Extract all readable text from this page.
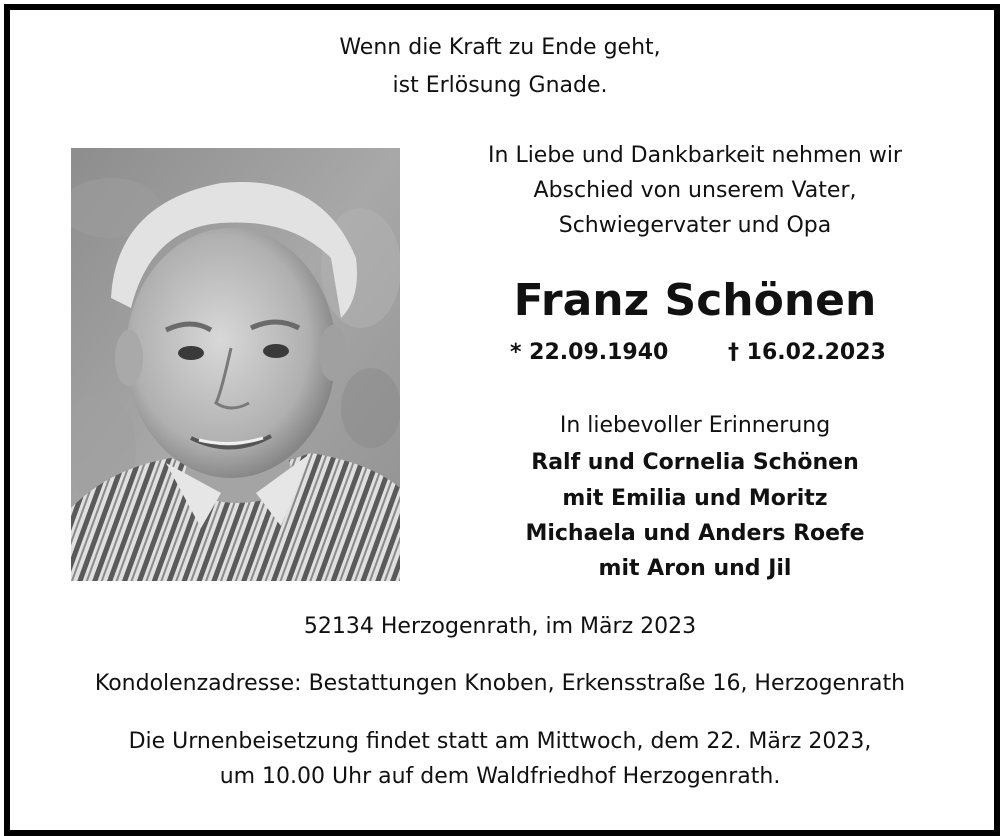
Wenn die Kraft zu Ende geht,
ist Erlösung Gnade.
In Liebe und Dankbarkeit nehmen wir
Abschied von unserem Vater,
Schwiegervater und Opa
Franz Schönen
* 22.09.1940	† 16.02.2023
In liebevoller Erinnerung
Ralf und Cornelia Schönen
mit Emilia und Moritz
Michaela und Anders Roefe
mit Aron und Jil
52134 Herzogenrath, im März 2023
Kondolenzadresse: Bestattungen Knoben, Erkensstraße 16, Herzogenrath
Die Urnenbeisetzung findet statt am Mittwoch, dem 22. März 2023,
um 10.00 Uhr auf dem Waldfriedhof Herzogenrath.
